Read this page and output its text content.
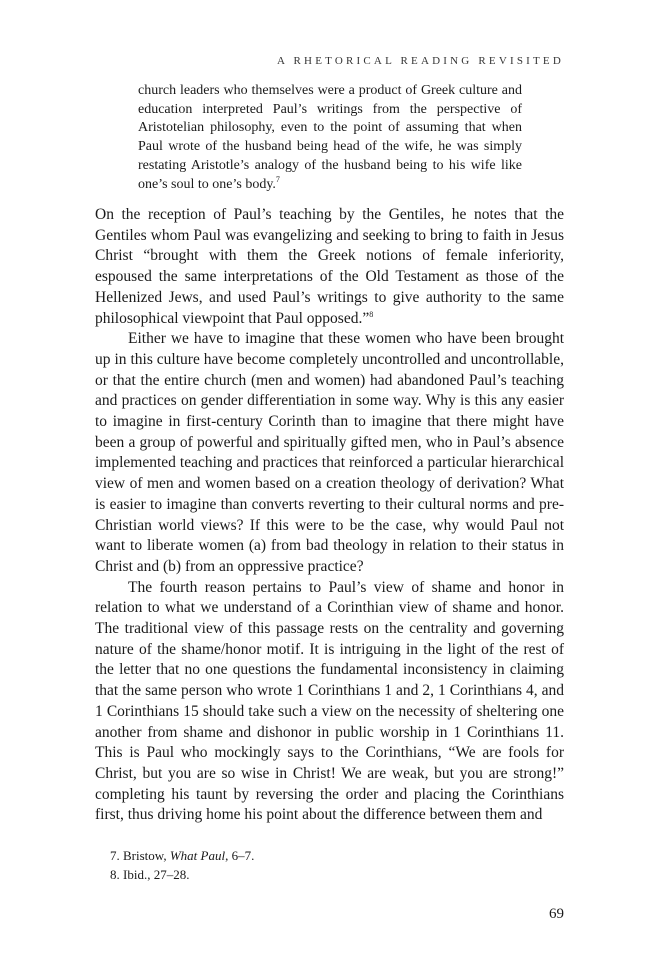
A RHETORICAL READING REVISITED
church leaders who themselves were a product of Greek culture and education interpreted Paul’s writings from the perspective of Aristotelian philosophy, even to the point of assuming that when Paul wrote of the husband being head of the wife, he was simply restating Aristotle’s analogy of the husband being to his wife like one’s soul to one’s body.$^7$

On the reception of Paul’s teaching by the Gentiles, he notes that the Gentiles whom Paul was evangelizing and seeking to bring to faith in Jesus Christ “brought with them the Greek notions of female inferiority, espoused the same interpretations of the Old Testament as those of the Hellenized Jews, and used Paul’s writings to give authority to the same philosophical viewpoint that Paul opposed.”$^8$

Either we have to imagine that these women who have been brought up in this culture have become completely uncontrolled and uncontrollable, or that the entire church (men and women) had abandoned Paul’s teaching and practices on gender differentiation in some way. Why is this any easier to imagine in first-century Corinth than to imagine that there might have been a group of powerful and spiritually gifted men, who in Paul’s absence implemented teaching and practices that reinforced a particular hierarchical view of men and women based on a creation theology of derivation? What is easier to imagine than converts reverting to their cultural norms and pre-Christian world views? If this were to be the case, why would Paul not want to liberate women (a) from bad theology in relation to their status in Christ and (b) from an oppressive practice?

The fourth reason pertains to Paul’s view of shame and honor in relation to what we understand of a Corinthian view of shame and honor. The traditional view of this passage rests on the centrality and governing nature of the shame/honor motif. It is intriguing in the light of the rest of the letter that no one questions the fundamental inconsistency in claiming that the same person who wrote 1 Corinthians 1 and 2, 1 Corinthians 4, and 1 Corinthians 15 should take such a view on the necessity of sheltering one another from shame and dishonor in public worship in 1 Corinthians 11. This is Paul who mockingly says to the Corinthians, “We are fools for Christ, but you are so wise in Christ! We are weak, but you are strong!” completing his taunt by reversing the order and placing the Corinthians first, thus driving home his point about the difference between them and

7. Bristow, What Paul, 6–7.

8. Ibid., 27–28.

69
